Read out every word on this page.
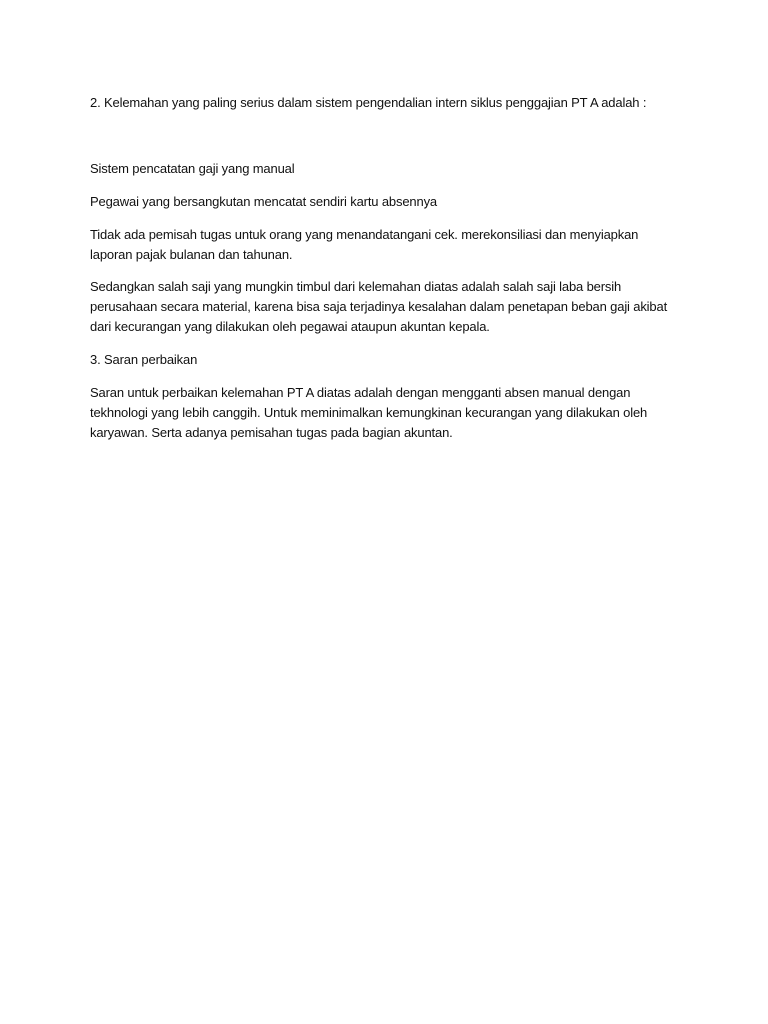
2. Kelemahan yang paling serius dalam sistem pengendalian intern siklus penggajian PT A adalah :

Sistem pencatatan gaji yang manual

Pegawai yang bersangkutan mencatat sendiri kartu absennya

Tidak ada pemisah tugas untuk orang yang menandatangani cek. merekonsiliasi dan menyiapkan laporan pajak bulanan dan tahunan.

Sedangkan salah saji yang mungkin timbul dari kelemahan diatas adalah salah saji laba bersih perusahaan secara material, karena bisa saja terjadinya kesalahan dalam penetapan beban gaji akibat dari kecurangan yang dilakukan oleh pegawai ataupun akuntan kepala.

3. Saran perbaikan

Saran untuk perbaikan kelemahan PT A diatas adalah dengan mengganti absen manual dengan tekhnologi yang lebih canggih. Untuk meminimalkan kemungkinan kecurangan yang dilakukan oleh karyawan. Serta adanya pemisahan tugas pada bagian akuntan.
